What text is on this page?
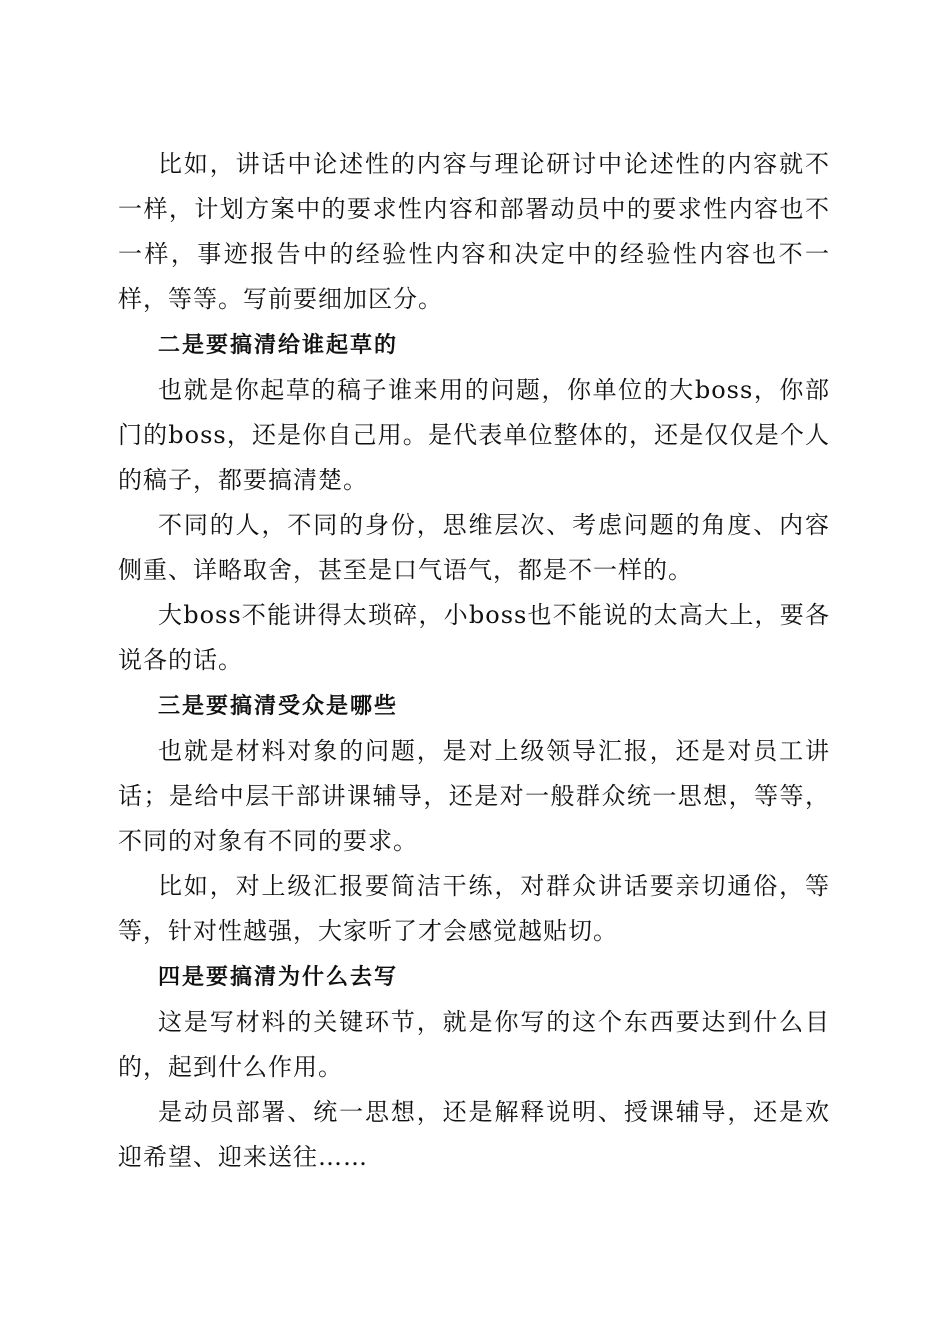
比如，讲话中论述性的内容与理论研讨中论述性的内容就不一样，计划方案中的要求性内容和部署动员中的要求性内容也不一样，事迹报告中的经验性内容和决定中的经验性内容也不一样，等等。写前要细加区分。

二是要搞清给谁起草的

也就是你起草的稿子谁来用的问题，你单位的大boss，你部门的boss，还是你自己用。是代表单位整体的，还是仅仅是个人的稿子，都要搞清楚。

不同的人，不同的身份，思维层次、考虑问题的角度、内容侧重、详略取舍，甚至是口气语气，都是不一样的。

大boss不能讲得太琐碎，小boss也不能说的太高大上，要各说各的话。

三是要搞清受众是哪些

也就是材料对象的问题，是对上级领导汇报，还是对员工讲话；是给中层干部讲课辅导，还是对一般群众统一思想，等等，不同的对象有不同的要求。

比如，对上级汇报要简洁干练，对群众讲话要亲切通俗，等等，针对性越强，大家听了才会感觉越贴切。

四是要搞清为什么去写

这是写材料的关键环节，就是你写的这个东西要达到什么目的，起到什么作用。

是动员部署、统一思想，还是解释说明、授课辅导，还是欢迎希望、迎来送往……
